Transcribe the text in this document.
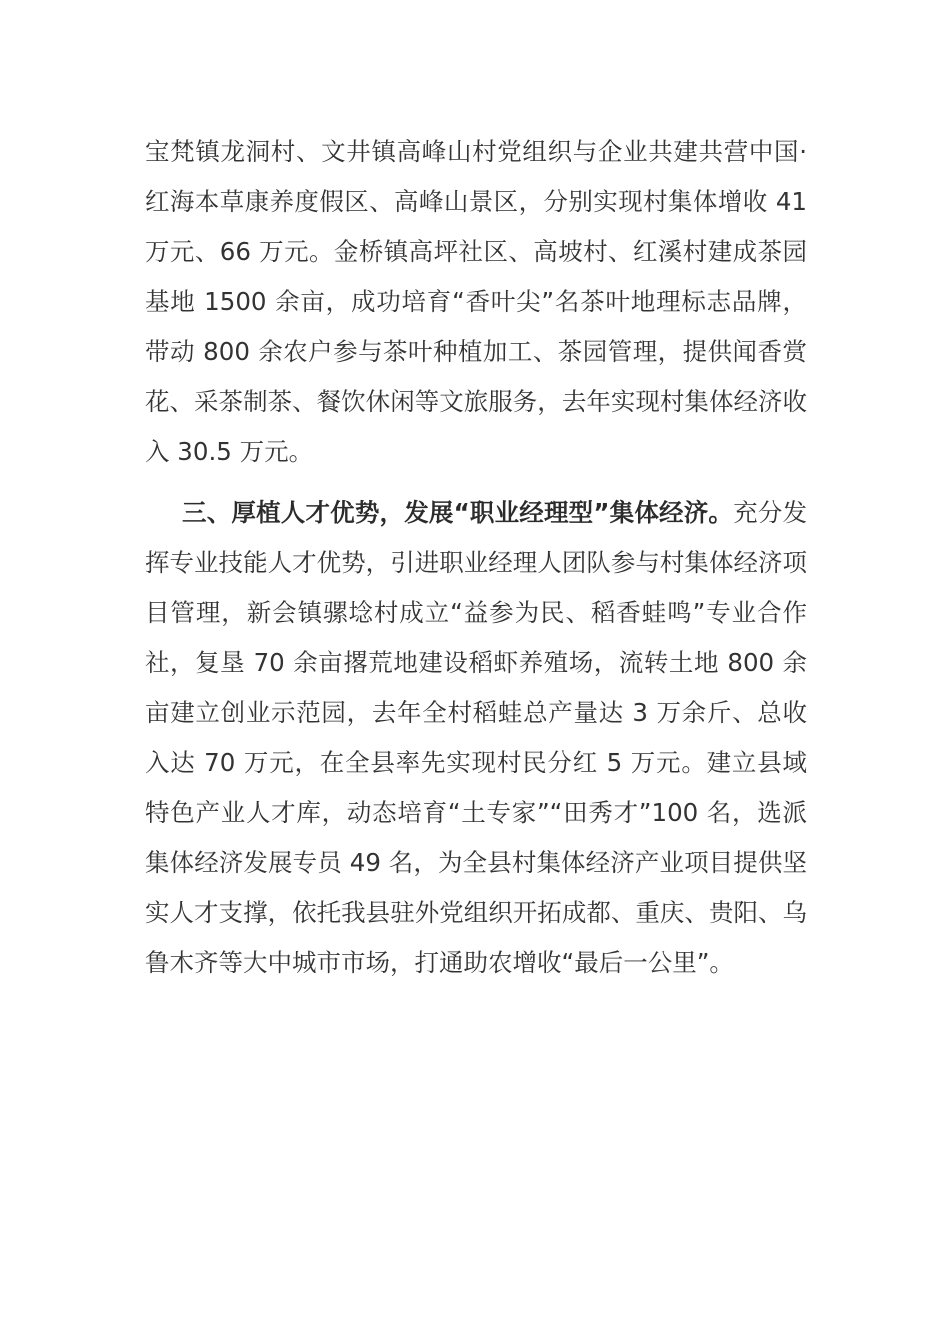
宝梵镇龙洞村、文井镇高峰山村党组织与企业共建共营中国·红海本草康养度假区、高峰山景区，分别实现村集体增收 41 万元、66 万元。金桥镇高坪社区、高坡村、红溪村建成茶园基地 1500 余亩，成功培育“香叶尖”名茶叶地理标志品牌，带动 800 余农户参与茶叶种植加工、茶园管理，提供闻香赏花、采茶制茶、餐饮休闲等文旅服务，去年实现村集体经济收入 30.5 万元。

三、厚植人才优势，发展“职业经理型”集体经济。充分发挥专业技能人才优势，引进职业经理人团队参与村集体经济项目管理，新会镇骡埝村成立“益参为民、稻香蛙鸣”专业合作社，复垦 70 余亩撂荒地建设稻虾养殖场，流转土地 800 余亩建立创业示范园，去年全村稻蛙总产量达 3 万余斤、总收入达 70 万元，在全县率先实现村民分红 5 万元。建立县域特色产业人才库，动态培育“土专家”“田秀才”100 名，选派集体经济发展专员 49 名，为全县村集体经济产业项目提供坚实人才支撑，依托我县驻外党组织开拓成都、重庆、贵阳、乌鲁木齐等大中城市市场，打通助农增收“最后一公里”。
